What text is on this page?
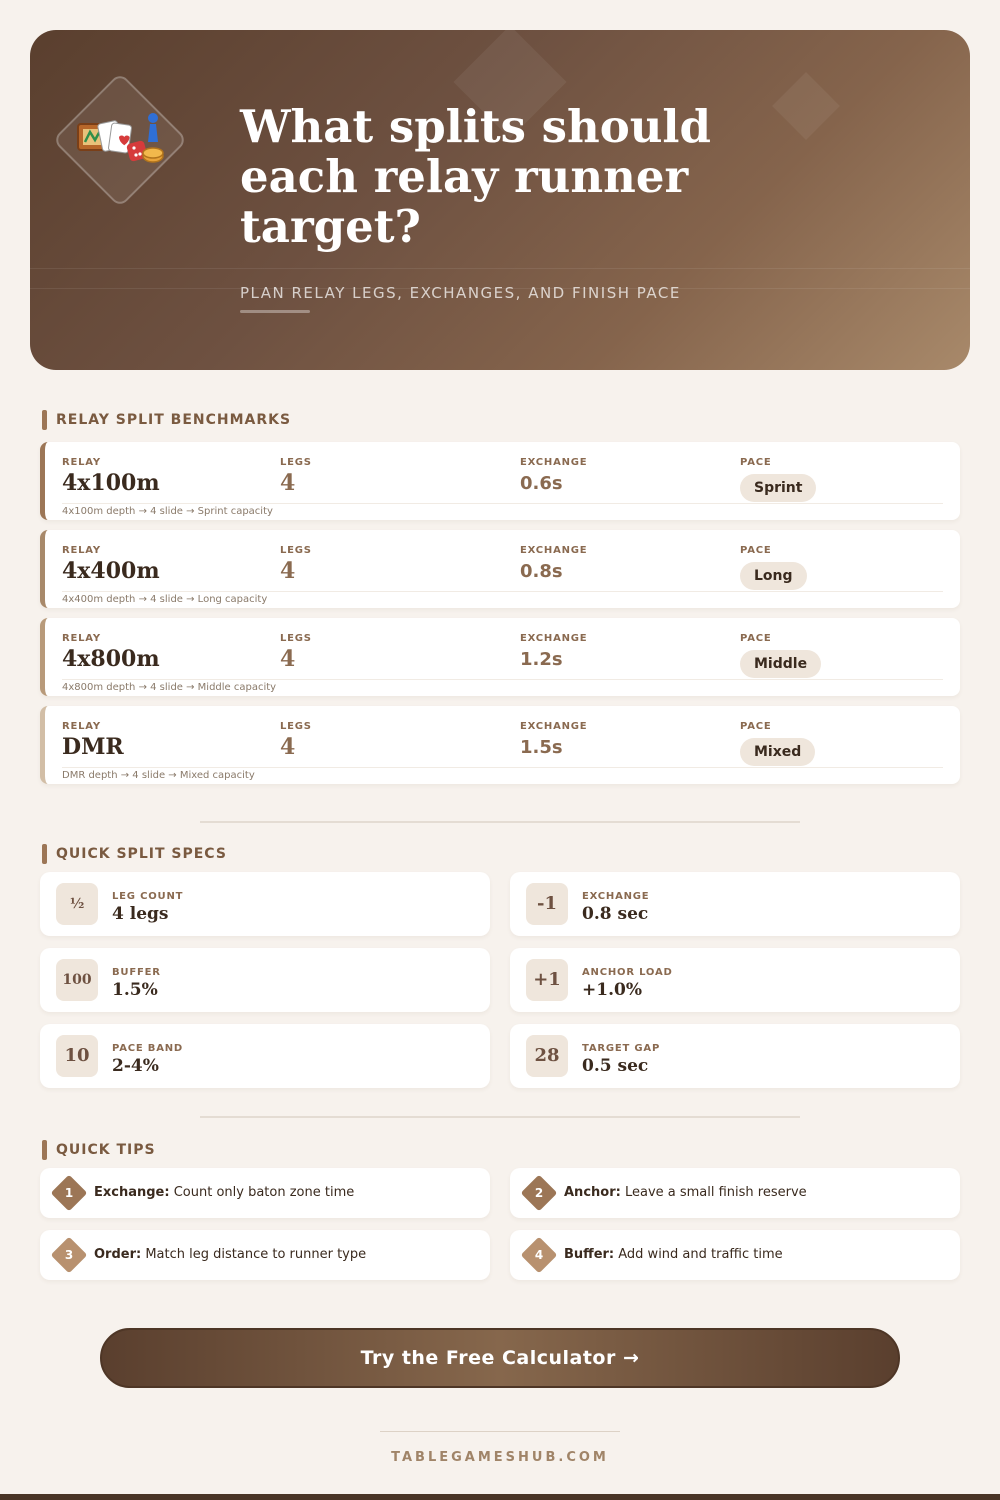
What splits should each relay runner target?
PLAN RELAY LEGS, EXCHANGES, AND FINISH PACE
RELAY SPLIT BENCHMARKS
RELAY
4x100m
LEGS
4
EXCHANGE
0.6s
PACE
Sprint
4x100m depth → 4 slide → Sprint capacity
RELAY
4x400m
LEGS
4
EXCHANGE
0.8s
PACE
Long
4x400m depth → 4 slide → Long capacity
RELAY
4x800m
LEGS
4
EXCHANGE
1.2s
PACE
Middle
4x800m depth → 4 slide → Middle capacity
RELAY
DMR
LEGS
4
EXCHANGE
1.5s
PACE
Mixed
DMR depth → 4 slide → Mixed capacity
QUICK SPLIT SPECS
½	LEG COUNT
4 legs	-1	EXCHANGE
0.8 sec
100	BUFFER
1.5%	+1	ANCHOR LOAD
+1.0%
10	PACE BAND
2-4%	28	TARGET GAP
0.5 sec
QUICK TIPS
1	Exchange: Count only baton zone time	2	Anchor: Leave a small finish reserve
3	Order: Match leg distance to runner type	4	Buffer: Add wind and traffic time
Try the Free Calculator →
TABLEGAMESHUB.COM
